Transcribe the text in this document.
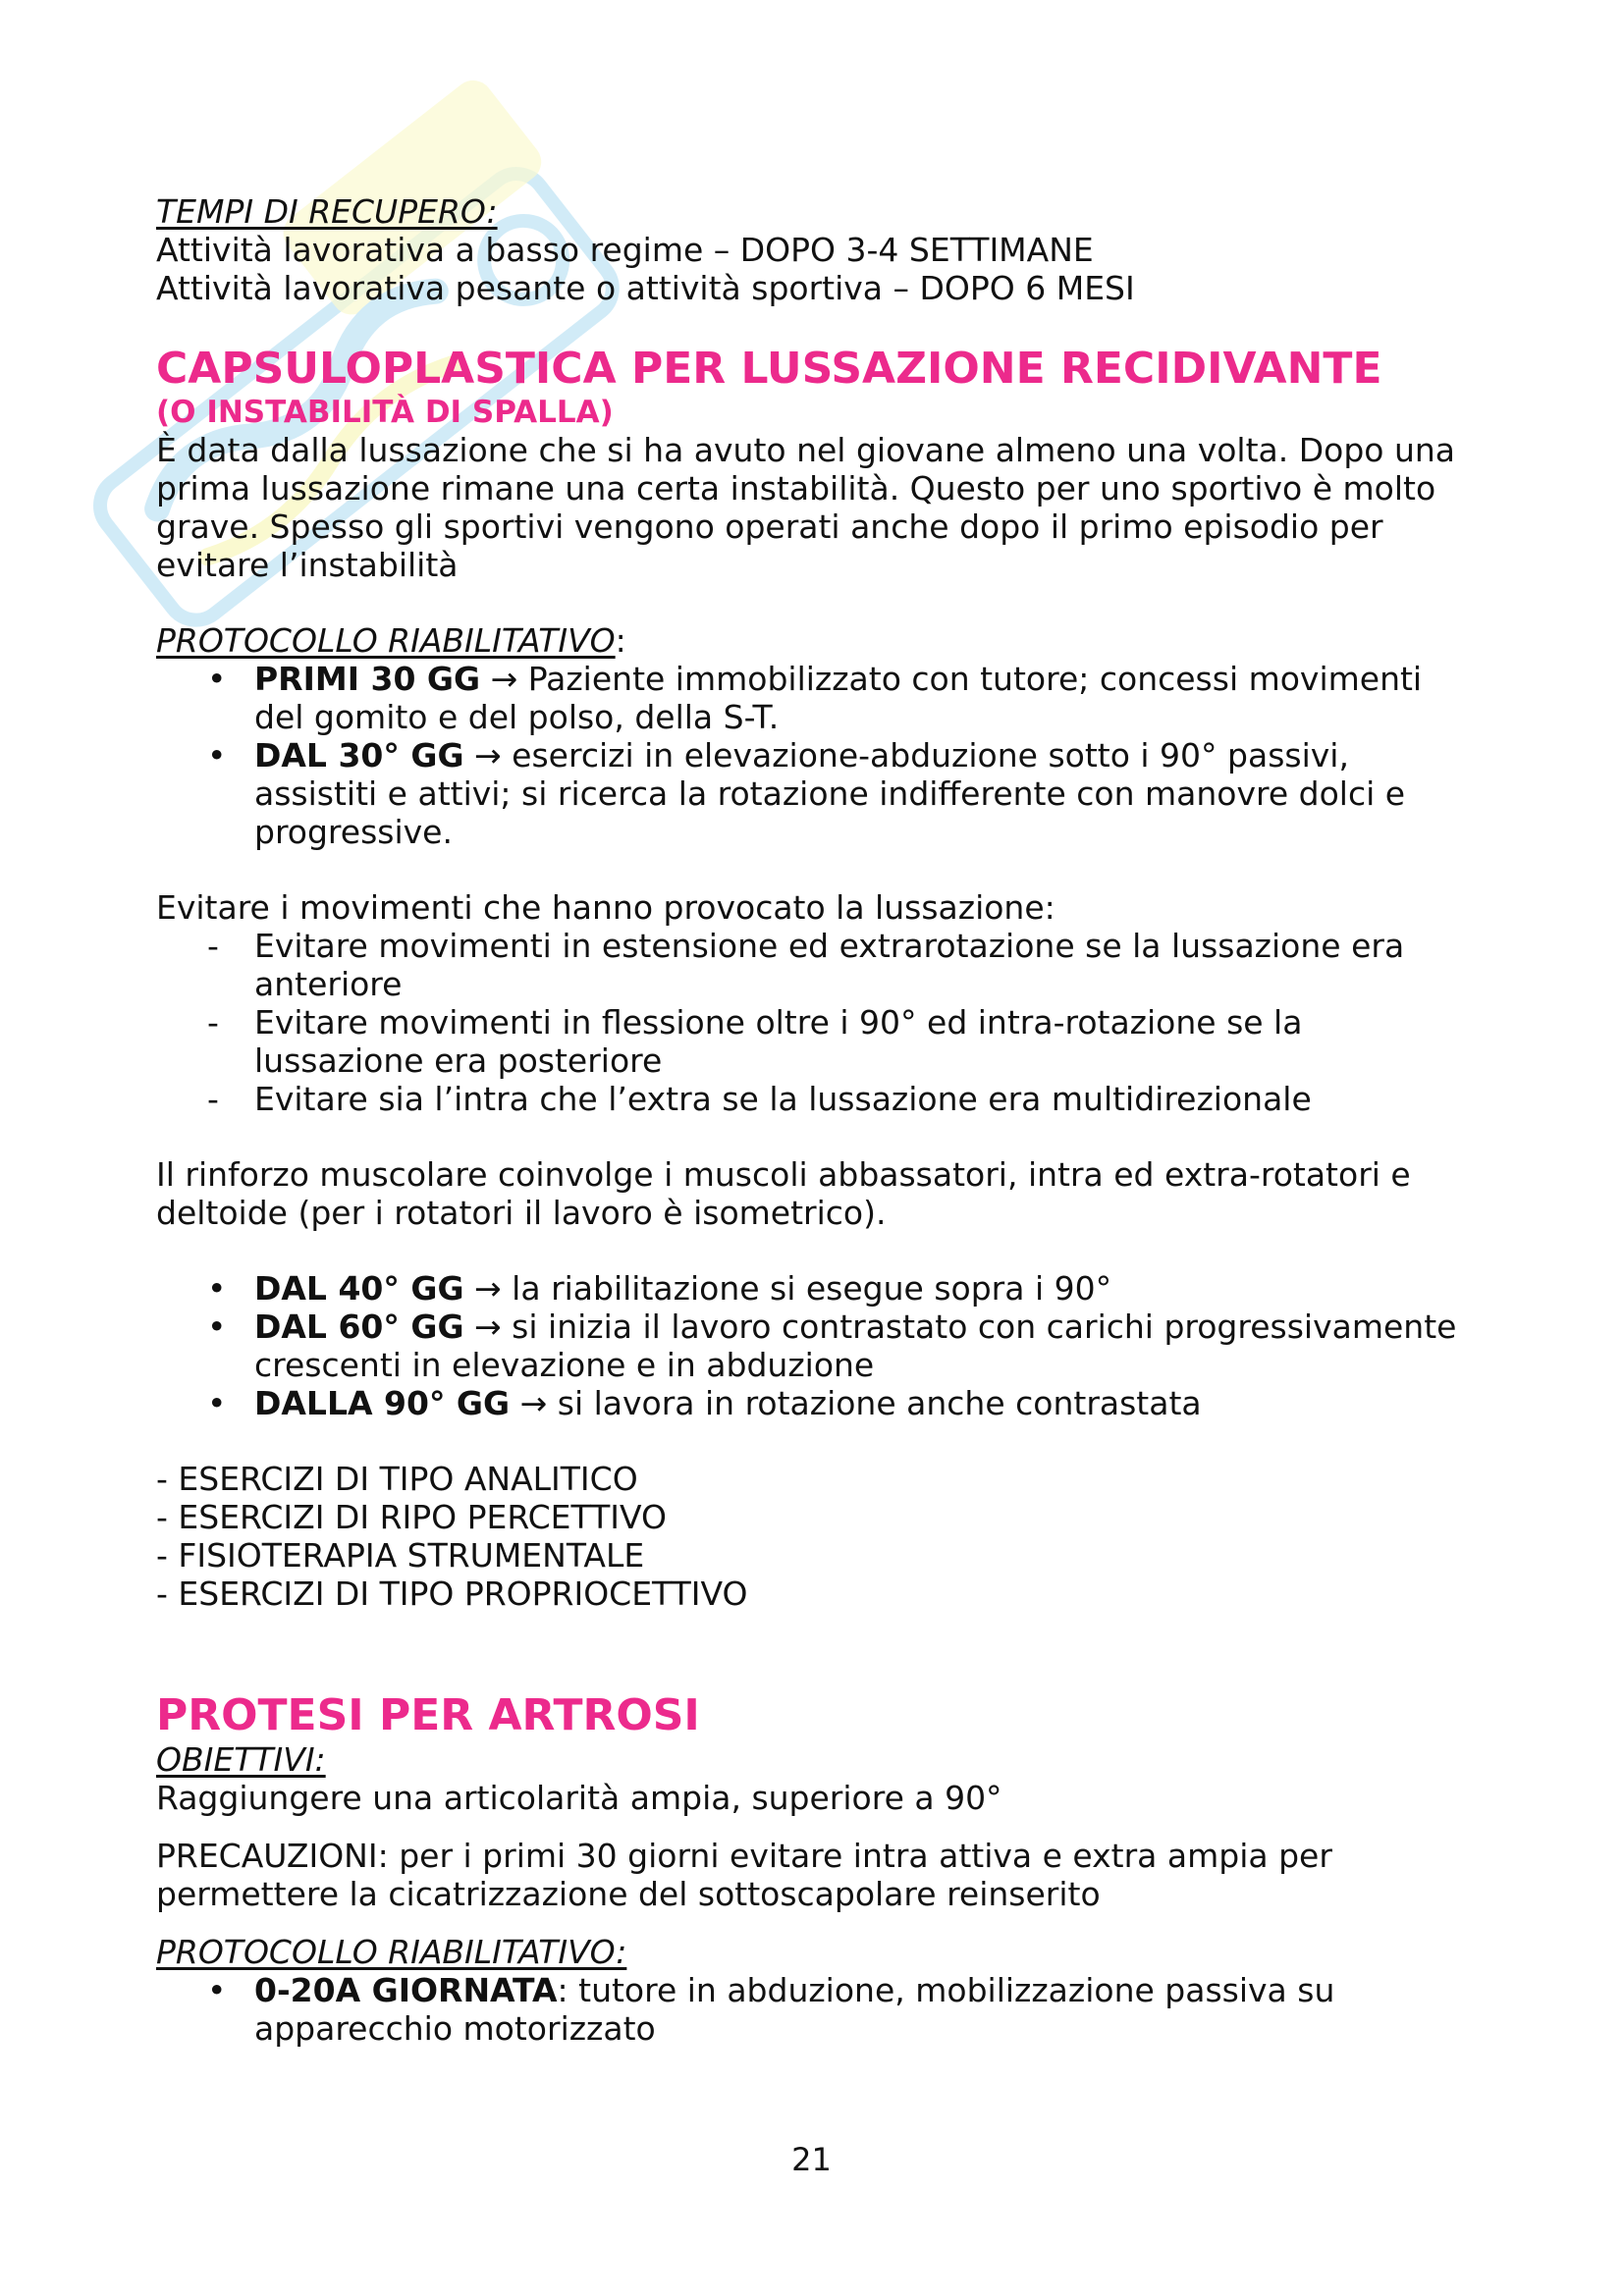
TEMPI DI RECUPERO:
Attività lavorativa a basso regime – DOPO 3-4 SETTIMANE
Attività lavorativa pesante o attività sportiva – DOPO 6 MESI
CAPSULOPLASTICA PER LUSSAZIONE RECIDIVANTE
(O INSTABILITÀ DI SPALLA)
È data dalla lussazione che si ha avuto nel giovane almeno una volta. Dopo una
prima lussazione rimane una certa instabilità. Questo per uno sportivo è molto
grave. Spesso gli sportivi vengono operati anche dopo il primo episodio per
evitare l’instabilità
PROTOCOLLO RIABILITATIVO:
• PRIMI 30 GG → Paziente immobilizzato con tutore; concessi movimenti
del gomito e del polso, della S-T.
• DAL 30° GG → esercizi in elevazione-abduzione sotto i 90° passivi,
assistiti e attivi; si ricerca la rotazione indifferente con manovre dolci e
progressive.
Evitare i movimenti che hanno provocato la lussazione:
- Evitare movimenti in estensione ed extrarotazione se la lussazione era
anteriore
- Evitare movimenti in flessione oltre i 90° ed intra-rotazione se la
lussazione era posteriore
- Evitare sia l’intra che l’extra se la lussazione era multidirezionale
Il rinforzo muscolare coinvolge i muscoli abbassatori, intra ed extra-rotatori e
deltoide (per i rotatori il lavoro è isometrico).
• DAL 40° GG → la riabilitazione si esegue sopra i 90°
• DAL 60° GG → si inizia il lavoro contrastato con carichi progressivamente
crescenti in elevazione e in abduzione
• DALLA 90° GG → si lavora in rotazione anche contrastata
- ESERCIZI DI TIPO ANALITICO
- ESERCIZI DI RIPO PERCETTIVO
- FISIOTERAPIA STRUMENTALE
- ESERCIZI DI TIPO PROPRIOCETTIVO
PROTESI PER ARTROSI
OBIETTIVI:
Raggiungere una articolarità ampia, superiore a 90°
PRECAUZIONI: per i primi 30 giorni evitare intra attiva e extra ampia per
permettere la cicatrizzazione del sottoscapolare reinserito
PROTOCOLLO RIABILITATIVO:
• 0-20A GIORNATA: tutore in abduzione, mobilizzazione passiva su
apparecchio motorizzato
21
